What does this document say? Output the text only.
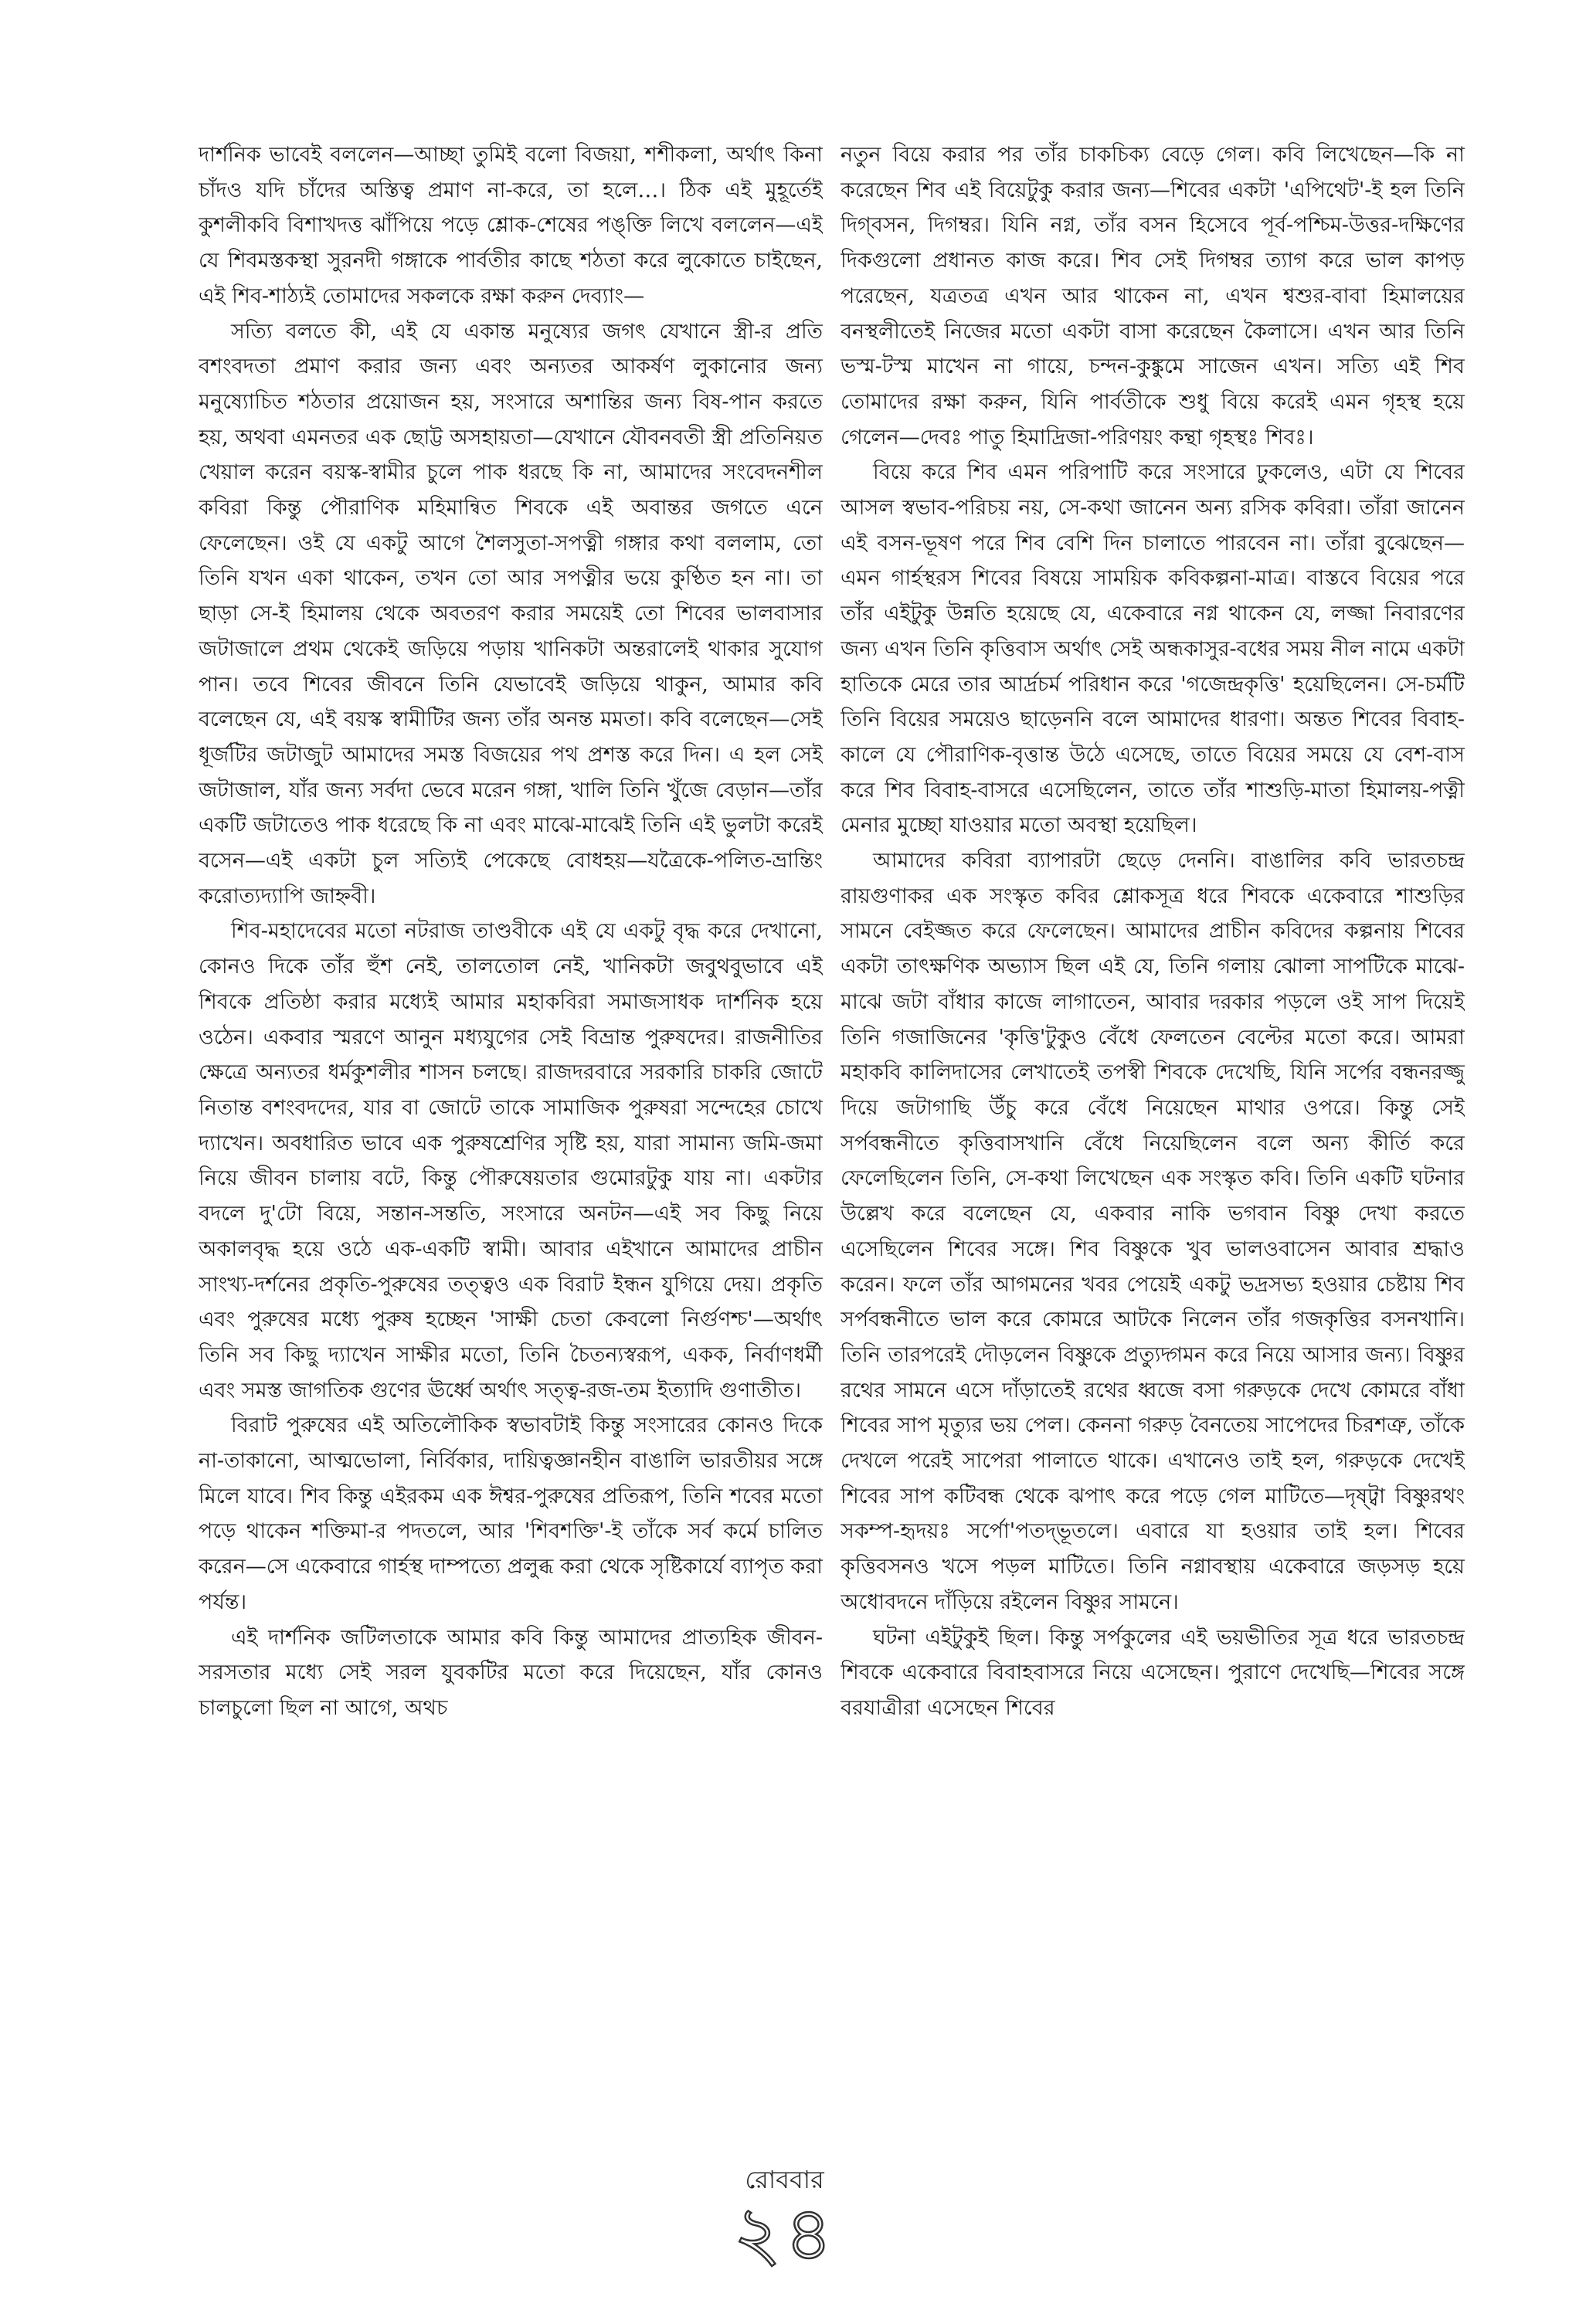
দার্শনিক ভাবেই বললেন—আচ্ছা তুমিই বলো বিজয়া, শশীকলা, অর্থাৎ কিনা চাঁদও যদি চাঁদের অস্তিত্ব প্রমাণ না-করে, তা হলে…। ঠিক এই মুহূর্তেই কুশলীকবি বিশাখদত্ত ঝাঁপিয়ে পড়ে শ্লোক-শেষের পঙ্‌ক্তি লিখে বললেন—এই যে শিবমস্তকস্থা সুরনদী গঙ্গাকে পার্বতীর কাছে শঠতা করে লুকোতে চাইছেন, এই শিব-শাঠ্যই তোমাদের সকলকে রক্ষা করুন দেব্যাং—

সত্যি বলতে কী, এই যে একান্ত মনুষ্যের জগৎ যেখানে স্ত্রী-র প্রতি বশংবদতা প্রমাণ করার জন্য এবং অন্যতর আকর্ষণ লুকানোর জন্য মনুষ্যোচিত শঠতার প্রয়োজন হয়, সংসারে অশান্তির জন্য বিষ-পান করতে হয়, অথবা এমনতর এক ছোট্ট অসহায়তা—যেখানে যৌবনবতী স্ত্রী প্রতিনিয়ত খেয়াল করেন বয়স্ক-স্বামীর চুলে পাক ধরছে কি না, আমাদের সংবেদনশীল কবিরা কিন্তু পৌরাণিক মহিমান্বিত শিবকে এই অবান্তর জগতে এনে ফেলেছেন। ওই যে একটু আগে শৈলসুতা-সপত্নী গঙ্গার কথা বললাম, তো তিনি যখন একা থাকেন, তখন তো আর সপত্নীর ভয়ে কুণ্ঠিত হন না। তা ছাড়া সে-ই হিমালয় থেকে অবতরণ করার সময়েই তো শিবের ভালবাসার জটাজালে প্রথম থেকেই জড়িয়ে পড়ায় খানিকটা অন্তরালেই থাকার সুযোগ পান। তবে শিবের জীবনে তিনি যেভাবেই জড়িয়ে থাকুন, আমার কবি বলেছেন যে, এই বয়স্ক স্বামীটির জন্য তাঁর অনন্ত মমতা। কবি বলেছেন—সেই ধূর্জটির জটাজুট আমাদের সমস্ত বিজয়ের পথ প্রশস্ত করে দিন। এ হল সেই জটাজাল, যাঁর জন্য সর্বদা ভেবে মরেন গঙ্গা, খালি তিনি খুঁজে বেড়ান—তাঁর একটি জটাতেও পাক ধরেছে কি না এবং মাঝে-মাঝেই তিনি এই ভুলটা করেই বসেন—এই একটা চুল সত্যিই পেকেছে বোধহয়—যত্রৈকে-পলিত-ভ্রান্তিং করোত্যদ্যাপি জাহ্নবী।

শিব-মহাদেবের মতো নটরাজ তাণ্ডবীকে এই যে একটু বৃদ্ধ করে দেখানো, কোনও দিকে তাঁর হুঁশ নেই, তালতোল নেই, খানিকটা জবুথবুভাবে এই শিবকে প্রতিষ্ঠা করার মধ্যেই আমার মহাকবিরা সমাজসাধক দার্শনিক হয়ে ওঠেন। একবার স্মরণে আনুন মধ্যযুগের সেই বিভ্রান্ত পুরুষদের। রাজনীতির ক্ষেত্রে অন্যতর ধর্মকুশলীর শাসন চলছে। রাজদরবারে সরকারি চাকরি জোটে নিতান্ত বশংবদদের, যার বা জোটে তাকে সামাজিক পুরুষরা সন্দেহের চোখে দ্যাখেন। অবধারিত ভাবে এক পুরুষশ্রেণির সৃষ্টি হয়, যারা সামান্য জমি-জমা নিয়ে জীবন চালায় বটে, কিন্তু পৌরুষেয়তার গুমোরটুকু যায় না। একটার বদলে দু'টো বিয়ে, সন্তান-সন্ততি, সংসারে অনটন—এই সব কিছু নিয়ে অকালবৃদ্ধ হয়ে ওঠে এক-একটি স্বামী। আবার এইখানে আমাদের প্রাচীন সাংখ্য-দর্শনের প্রকৃতি-পুরুষের তত্ত্বও এক বিরাট ইন্ধন যুগিয়ে দেয়। প্রকৃতি এবং পুরুষের মধ্যে পুরুষ হচ্ছেন 'সাক্ষী চেতা কেবলো নির্গুণশ্চ'—অর্থাৎ তিনি সব কিছু দ্যাখেন সাক্ষীর মতো, তিনি চৈতন্যস্বরূপ, একক, নির্বাণধর্মী এবং সমস্ত জাগতিক গুণের ঊর্ধ্বে অর্থাৎ সত্ত্ব-রজ-তম ইত্যাদি গুণাতীত।

বিরাট পুরুষের এই অতিলৌকিক স্বভাবটাই কিন্তু সংসারের কোনও দিকে না-তাকানো, আত্মভোলা, নির্বিকার, দায়িত্বজ্ঞানহীন বাঙালি ভারতীয়র সঙ্গে মিলে যাবে। শিব কিন্তু এইরকম এক ঈশ্বর-পুরুষের প্রতিরূপ, তিনি শবের মতো পড়ে থাকেন শক্তিমা-র পদতলে, আর 'শিবশক্তি'-ই তাঁকে সর্ব কর্মে চালিত করেন—সে একেবারে গার্হস্থ দাম্পত্যে প্রলুব্ধ করা থেকে সৃষ্টিকার্যে ব্যাপৃত করা পর্যন্ত।

এই দার্শনিক জটিলতাকে আমার কবি কিন্তু আমাদের প্রাত্যহিক জীবন-সরসতার মধ্যে সেই সরল যুবকটির মতো করে দিয়েছেন, যাঁর কোনও চালচুলো ছিল না আগে, অথচ

নতুন বিয়ে করার পর তাঁর চাকচিক্য বেড়ে গেল। কবি লিখেছেন—কি না করেছেন শিব এই বিয়েটুকু করার জন্য—শিবের একটা 'এপিথেট'-ই হল তিনি দিগ্‌বসন, দিগম্বর। যিনি নগ্ন, তাঁর বসন হিসেবে পূর্ব-পশ্চিম-উত্তর-দক্ষিণের দিকগুলো প্রধানত কাজ করে। শিব সেই দিগম্বর ত্যাগ করে ভাল কাপড় পরেছেন, যত্রতত্র এখন আর থাকেন না, এখন শ্বশুর-বাবা হিমালয়ের বনস্থলীতেই নিজের মতো একটা বাসা করেছেন কৈলাসে। এখন আর তিনি ভস্ম-টস্ম মাখেন না গায়ে, চন্দন-কুঙ্কুমে সাজেন এখন। সত্যি এই শিব তোমাদের রক্ষা করুন, যিনি পার্বতীকে শুধু বিয়ে করেই এমন গৃহস্থ হয়ে গেলেন—দেবঃ পাতু হিমাদ্রিজা-পরিণয়ং কন্থা গৃহস্থঃ শিবঃ।

বিয়ে করে শিব এমন পরিপাটি করে সংসারে ঢুকলেও, এটা যে শিবের আসল স্বভাব-পরিচয় নয়, সে-কথা জানেন অন্য রসিক কবিরা। তাঁরা জানেন এই বসন-ভূষণ পরে শিব বেশি দিন চালাতে পারবেন না। তাঁরা বুঝেছেন—এমন গার্হস্থরস শিবের বিষয়ে সাময়িক কবিকল্পনা-মাত্র। বাস্তবে বিয়ের পরে তাঁর এইটুকু উন্নতি হয়েছে যে, একেবারে নগ্ন থাকেন যে, লজ্জা নিবারণের জন্য এখন তিনি কৃত্তিবাস অর্থাৎ সেই অন্ধকাসুর-বধের সময় নীল নামে একটা হাতিকে মেরে তার আর্দ্রচর্ম পরিধান করে 'গজেন্দ্রকৃত্তি' হয়েছিলেন। সে-চর্মটি তিনি বিয়ের সময়েও ছাড়েননি বলে আমাদের ধারণা। অন্তত শিবের বিবাহ-কালে যে পৌরাণিক-বৃত্তান্ত উঠে এসেছে, তাতে বিয়ের সময়ে যে বেশ-বাস করে শিব বিবাহ-বাসরে এসেছিলেন, তাতে তাঁর শাশুড়ি-মাতা হিমালয়-পত্নী মেনার মুচ্ছো যাওয়ার মতো অবস্থা হয়েছিল।

আমাদের কবিরা ব্যাপারটা ছেড়ে দেননি। বাঙালির কবি ভারতচন্দ্র রায়গুণাকর এক সংস্কৃত কবির শ্লোকসূত্র ধরে শিবকে একেবারে শাশুড়ির সামনে বেইজ্জত করে ফেলেছেন। আমাদের প্রাচীন কবিদের কল্পনায় শিবের একটা তাৎক্ষণিক অভ্যাস ছিল এই যে, তিনি গলায় ঝোলা সাপটিকে মাঝে-মাঝে জটা বাঁধার কাজে লাগাতেন, আবার দরকার পড়লে ওই সাপ দিয়েই তিনি গজাজিনের 'কৃত্তি'টুকুও বেঁধে ফেলতেন বেল্টের মতো করে। আমরা মহাকবি কালিদাসের লেখাতেই তপস্বী শিবকে দেখেছি, যিনি সর্পের বন্ধনরজ্জু দিয়ে জটাগাছি উঁচু করে বেঁধে নিয়েছেন মাথার ওপরে। কিন্তু সেই সর্পবন্ধনীতে কৃত্তিবাসখানি বেঁধে নিয়েছিলেন বলে অন্য কীর্তি করে ফেলেছিলেন তিনি, সে-কথা লিখেছেন এক সংস্কৃত কবি। তিনি একটি ঘটনার উল্লেখ করে বলেছেন যে, একবার নাকি ভগবান বিষ্ণু দেখা করতে এসেছিলেন শিবের সঙ্গে। শিব বিষ্ণুকে খুব ভালওবাসেন আবার শ্রদ্ধাও করেন। ফলে তাঁর আগমনের খবর পেয়েই একটু ভদ্রসভ্য হওয়ার চেষ্টায় শিব সর্পবন্ধনীতে ভাল করে কোমরে আটকে নিলেন তাঁর গজকৃত্তির বসনখানি। তিনি তারপরেই দৌড়লেন বিষ্ণুকে প্রত্যুদ্গমন করে নিয়ে আসার জন্য। বিষ্ণুর রথের সামনে এসে দাঁড়াতেই রথের ধ্বজে বসা গরুড়কে দেখে কোমরে বাঁধা শিবের সাপ মৃত্যুর ভয় পেল। কেননা গরুড় বৈনতেয় সাপেদের চিরশত্রু, তাঁকে দেখলে পরেই সাপেরা পালাতে থাকে। এখানেও তাই হল, গরুড়কে দেখেই শিবের সাপ কটিবন্ধ থেকে ঝপাৎ করে পড়ে গেল মাটিতে—দৃষ্ট্বা বিষ্ণুরথং সকম্প-হৃদয়ঃ সর্পো'পতদ্‌ভূতলে। এবারে যা হওয়ার তাই হল। শিবের কৃত্তিবসনও খসে পড়ল মাটিতে। তিনি নগ্নাবস্থায় একেবারে জড়সড় হয়ে অধোবদনে দাঁড়িয়ে রইলেন বিষ্ণুর সামনে।

ঘটনা এইটুকুই ছিল। কিন্তু সর্পকুলের এই ভয়ভীতির সূত্র ধরে ভারতচন্দ্র শিবকে একেবারে বিবাহবাসরে নিয়ে এসেছেন। পুরাণে দেখেছি—শিবের সঙ্গে বরযাত্রীরা এসেছেন শিবের

রোববার
২৪
